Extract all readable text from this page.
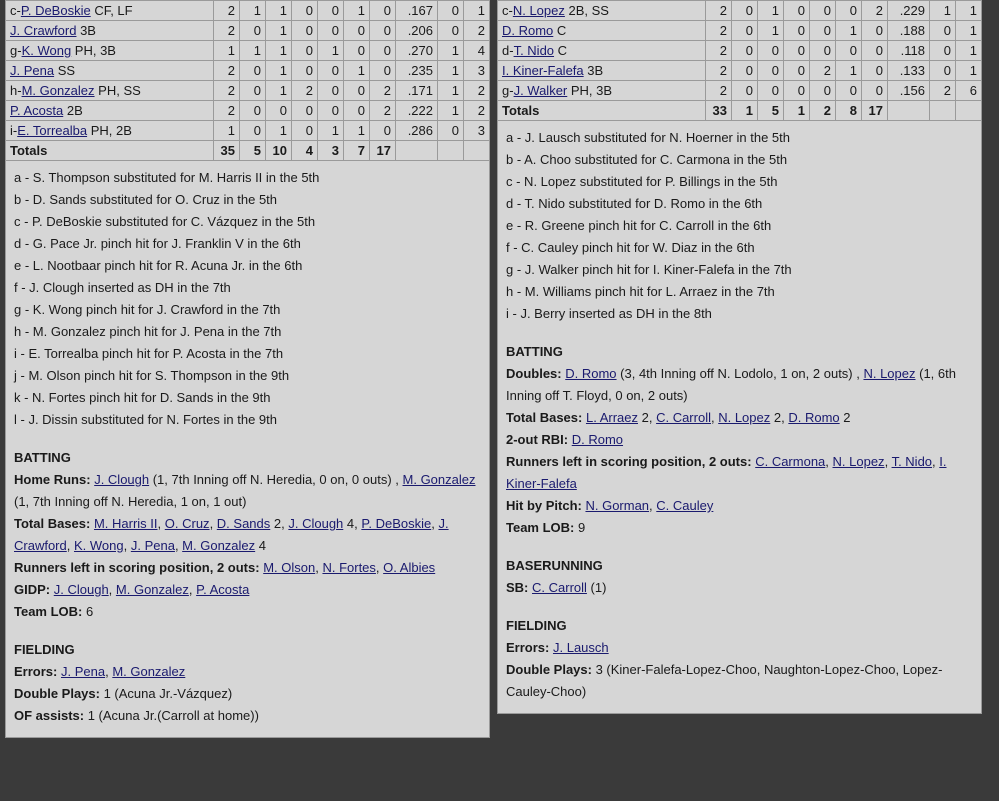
c-P. DeBoskie CF, LF	2	1	1	0	0	1	0	.167	0	1
J. Crawford 3B	2	0	1	0	0	0	0	.206	0	2
g-K. Wong PH, 3B	1	1	1	0	1	0	0	.270	1	4
J. Pena SS	2	0	1	0	0	1	0	.235	1	3
h-M. Gonzalez PH, SS	2	0	1	2	0	0	2	.171	1	2
P. Acosta 2B	2	0	0	0	0	0	2	.222	1	2
i-E. Torrealba PH, 2B	1	0	1	0	1	1	0	.286	0	3
Totals	35	5	10	4	3	7	17			
a - S. Thompson substituted for M. Harris II in the 5th
b - D. Sands substituted for O. Cruz in the 5th
c - P. DeBoskie substituted for C. Vázquez in the 5th
d - G. Pace Jr. pinch hit for J. Franklin V in the 6th
e - L. Nootbaar pinch hit for R. Acuna Jr. in the 6th
f - J. Clough inserted as DH in the 7th
g - K. Wong pinch hit for J. Crawford in the 7th
h - M. Gonzalez pinch hit for J. Pena in the 7th
i - E. Torrealba pinch hit for P. Acosta in the 7th
j - M. Olson pinch hit for S. Thompson in the 9th
k - N. Fortes pinch hit for D. Sands in the 9th
l - J. Dissin substituted for N. Fortes in the 9th
BATTING
Home Runs: J. Clough (1, 7th Inning off N. Heredia, 0 on, 0 outs) , M. Gonzalez (1, 7th Inning off N. Heredia, 1 on, 1 out)
Total Bases: M. Harris II, O. Cruz, D. Sands 2, J. Clough 4, P. DeBoskie, J. Crawford, K. Wong, J. Pena, M. Gonzalez 4
Runners left in scoring position, 2 outs: M. Olson, N. Fortes, O. Albies
GIDP: J. Clough, M. Gonzalez, P. Acosta
Team LOB: 6
FIELDING
Errors: J. Pena, M. Gonzalez
Double Plays: 1 (Acuna Jr.-Vázquez)
OF assists: 1 (Acuna Jr.(Carroll at home))
c-N. Lopez 2B, SS	2	0	1	0	0	0	2	.229	1	1
D. Romo C	2	0	1	0	0	1	0	.188	0	1
d-T. Nido C	2	0	0	0	0	0	0	.118	0	1
I. Kiner-Falefa 3B	2	0	0	0	2	1	0	.133	0	1
g-J. Walker PH, 3B	2	0	0	0	0	0	0	.156	2	6
Totals	33	1	5	1	2	8	17			
a - J. Lausch substituted for N. Hoerner in the 5th
b - A. Choo substituted for C. Carmona in the 5th
c - N. Lopez substituted for P. Billings in the 5th
d - T. Nido substituted for D. Romo in the 6th
e - R. Greene pinch hit for C. Carroll in the 6th
f - C. Cauley pinch hit for W. Diaz in the 6th
g - J. Walker pinch hit for I. Kiner-Falefa in the 7th
h - M. Williams pinch hit for L. Arraez in the 7th
i - J. Berry inserted as DH in the 8th
BATTING
Doubles: D. Romo (3, 4th Inning off N. Lodolo, 1 on, 2 outs) , N. Lopez (1, 6th Inning off T. Floyd, 0 on, 2 outs)
Total Bases: L. Arraez 2, C. Carroll, N. Lopez 2, D. Romo 2
2-out RBI: D. Romo
Runners left in scoring position, 2 outs: C. Carmona, N. Lopez, T. Nido, I. Kiner-Falefa
Hit by Pitch: N. Gorman, C. Cauley
Team LOB: 9
BASERUNNING
SB: C. Carroll (1)
FIELDING
Errors: J. Lausch
Double Plays: 3 (Kiner-Falefa-Lopez-Choo, Naughton-Lopez-Choo, Lopez-Cauley-Choo)
